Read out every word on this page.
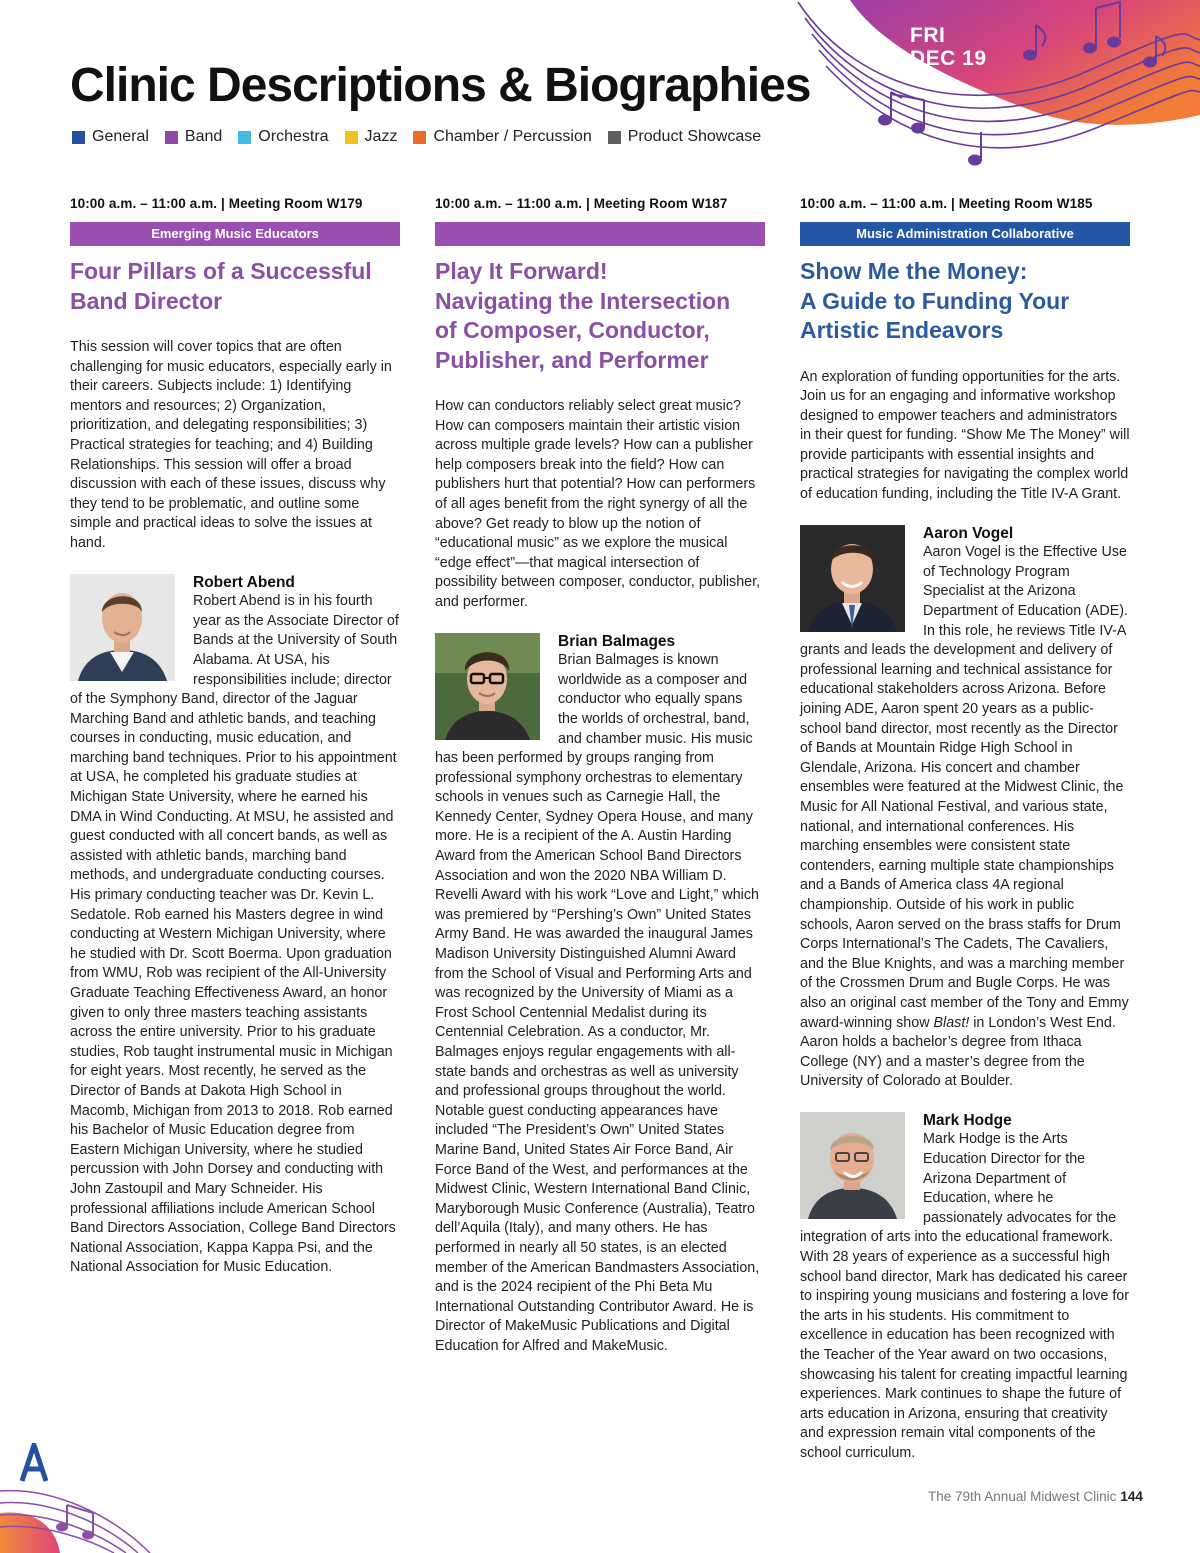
FRI
DEC 19
Clinic Descriptions & Biographies
General Band Orchestra Jazz Chamber / Percussion Product Showcase

10:00 a.m. – 11:00 a.m. | Meeting Room W179

Emerging Music Educators
Four Pillars of a Successful
Band Director

This session will cover topics that are often challenging for music educators, especially early in their careers. Subjects include: 1) Identifying mentors and resources; 2) Organization, prioritization, and delegating responsibilities; 3) Practical strategies for teaching; and 4) Building Relationships. This session will offer a broad discussion with each of these issues, discuss why they tend to be problematic, and outline some simple and practical ideas to solve the issues at hand.

Robert Abend
Robert Abend is in his fourth year as the Associate Director of Bands at the University of South Alabama. At USA, his responsibilities include; director of the Symphony Band, director of the Jaguar Marching Band and athletic bands, and teaching courses in conducting, music education, and marching band techniques. Prior to his appointment at USA, he completed his graduate studies at Michigan State University, where he earned his DMA in Wind Conducting. At MSU, he assisted and guest conducted with all concert bands, as well as assisted with athletic bands, marching band methods, and undergraduate conducting courses. His primary conducting teacher was Dr. Kevin L. Sedatole. Rob earned his Masters degree in wind conducting at Western Michigan University, where he studied with Dr. Scott Boerma. Upon graduation from WMU, Rob was recipient of the All-University Graduate Teaching Effectiveness Award, an honor given to only three masters teaching assistants across the entire university. Prior to his graduate studies, Rob taught instrumental music in Michigan for eight years. Most recently, he served as the Director of Bands at Dakota High School in Macomb, Michigan from 2013 to 2018. Rob earned his Bachelor of Music Education degree from Eastern Michigan University, where he studied percussion with John Dorsey and conducting with John Zastoupil and Mary Schneider. His professional affiliations include American School Band Directors Association, College Band Directors National Association, Kappa Kappa Psi, and the National Association for Music Education.

10:00 a.m. – 11:00 a.m. | Meeting Room W187

Play It Forward!
Navigating the Intersection
of Composer, Conductor,
Publisher, and Performer

How can conductors reliably select great music? How can composers maintain their artistic vision across multiple grade levels? How can a publisher help composers break into the field? How can publishers hurt that potential? How can performers of all ages benefit from the right synergy of all the above? Get ready to blow up the notion of “educational music” as we explore the musical “edge effect”—that magical intersection of possibility between composer, conductor, publisher, and performer.

Brian Balmages
Brian Balmages is known worldwide as a composer and conductor who equally spans the worlds of orchestral, band, and chamber music. His music has been performed by groups ranging from professional symphony orchestras to elementary schools in venues such as Carnegie Hall, the Kennedy Center, Sydney Opera House, and many more. He is a recipient of the A. Austin Harding Award from the American School Band Directors Association and won the 2020 NBA William D. Revelli Award with his work “Love and Light,” which was premiered by “Pershing’s Own” United States Army Band. He was awarded the inaugural James Madison University Distinguished Alumni Award from the School of Visual and Performing Arts and was recognized by the University of Miami as a Frost School Centennial Medalist during its Centennial Celebration. As a conductor, Mr. Balmages enjoys regular engagements with all-state bands and orchestras as well as university and professional groups throughout the world. Notable guest conducting appearances have included “The President’s Own” United States Marine Band, United States Air Force Band, Air Force Band of the West, and performances at the Midwest Clinic, Western International Band Clinic, Maryborough Music Conference (Australia), Teatro dell’Aquila (Italy), and many others. He has performed in nearly all 50 states, is an elected member of the American Bandmasters Association, and is the 2024 recipient of the Phi Beta Mu International Outstanding Contributor Award. He is Director of MakeMusic Publications and Digital Education for Alfred and MakeMusic.

10:00 a.m. – 11:00 a.m. | Meeting Room W185

Music Administration Collaborative
Show Me the Money:
A Guide to Funding Your
Artistic Endeavors

An exploration of funding opportunities for the arts. Join us for an engaging and informative workshop designed to empower teachers and administrators in their quest for funding. “Show Me The Money” will provide participants with essential insights and practical strategies for navigating the complex world of education funding, including the Title IV-A Grant.

Aaron Vogel
Aaron Vogel is the Effective Use of Technology Program Specialist at the Arizona Department of Education (ADE). In this role, he reviews Title IV-A grants and leads the development and delivery of professional learning and technical assistance for educational stakeholders across Arizona. Before joining ADE, Aaron spent 20 years as a public-school band director, most recently as the Director of Bands at Mountain Ridge High School in Glendale, Arizona. His concert and chamber ensembles were featured at the Midwest Clinic, the Music for All National Festival, and various state, national, and international conferences. His marching ensembles were consistent state contenders, earning multiple state championships and a Bands of America class 4A regional championship. Outside of his work in public schools, Aaron served on the brass staffs for Drum Corps International’s The Cadets, The Cavaliers, and the Blue Knights, and was a marching member of the Crossmen Drum and Bugle Corps. He was also an original cast member of the Tony and Emmy award-winning show Blast! in London’s West End. Aaron holds a bachelor’s degree from Ithaca College (NY) and a master’s degree from the University of Colorado at Boulder.
Mark Hodge
Mark Hodge is the Arts Education Director for the Arizona Department of Education, where he passionately advocates for the integration of arts into the educational framework. With 28 years of experience as a successful high school band director, Mark has dedicated his career to inspiring young musicians and fostering a love for the arts in his students. His commitment to excellence in education has been recognized with the Teacher of the Year award on two occasions, showcasing his talent for creating impactful learning experiences. Mark continues to shape the future of arts education in Arizona, ensuring that creativity and expression remain vital components of the school curriculum.
The 79th Annual Midwest Clinic 144
